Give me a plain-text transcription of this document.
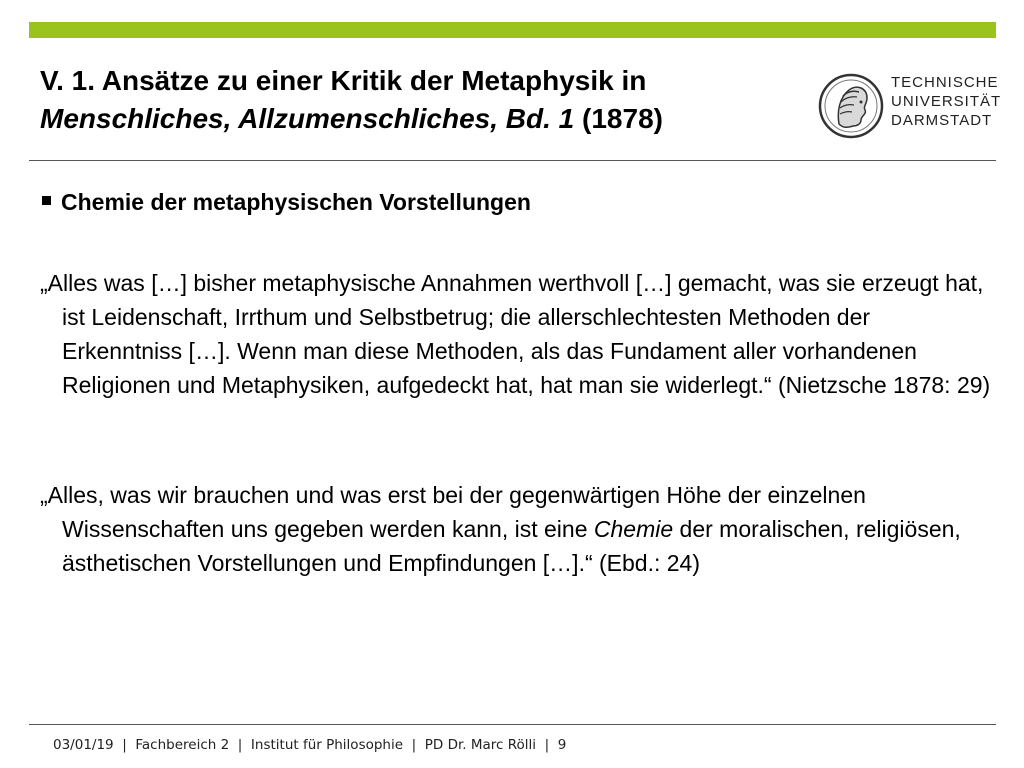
V. 1. Ansätze zu einer Kritik der Metaphysik in
Menschliches, Allzumenschliches, Bd. 1 (1878)
TECHNISCHE
UNIVERSITÄT
DARMSTADT
Chemie der metaphysischen Vorstellungen
„Alles was […] bisher metaphysische Annahmen werthvoll […] gemacht, was sie erzeugt hat, ist Leidenschaft, Irrthum und Selbstbetrug; die allerschlechtesten Methoden der Erkenntniss […]. Wenn man diese Methoden, als das Fundament aller vorhandenen Religionen und Metaphysiken, aufgedeckt hat, hat man sie widerlegt.“ (Nietzsche 1878: 29)
„Alles, was wir brauchen und was erst bei der gegenwärtigen Höhe der einzelnen Wissenschaften uns gegeben werden kann, ist eine Chemie der moralischen, religiösen, ästhetischen Vorstellungen und Empfindungen […].“ (Ebd.: 24)
03/01/19  |  Fachbereich 2  |  Institut für Philosophie  |  PD Dr. Marc Rölli  |  9
